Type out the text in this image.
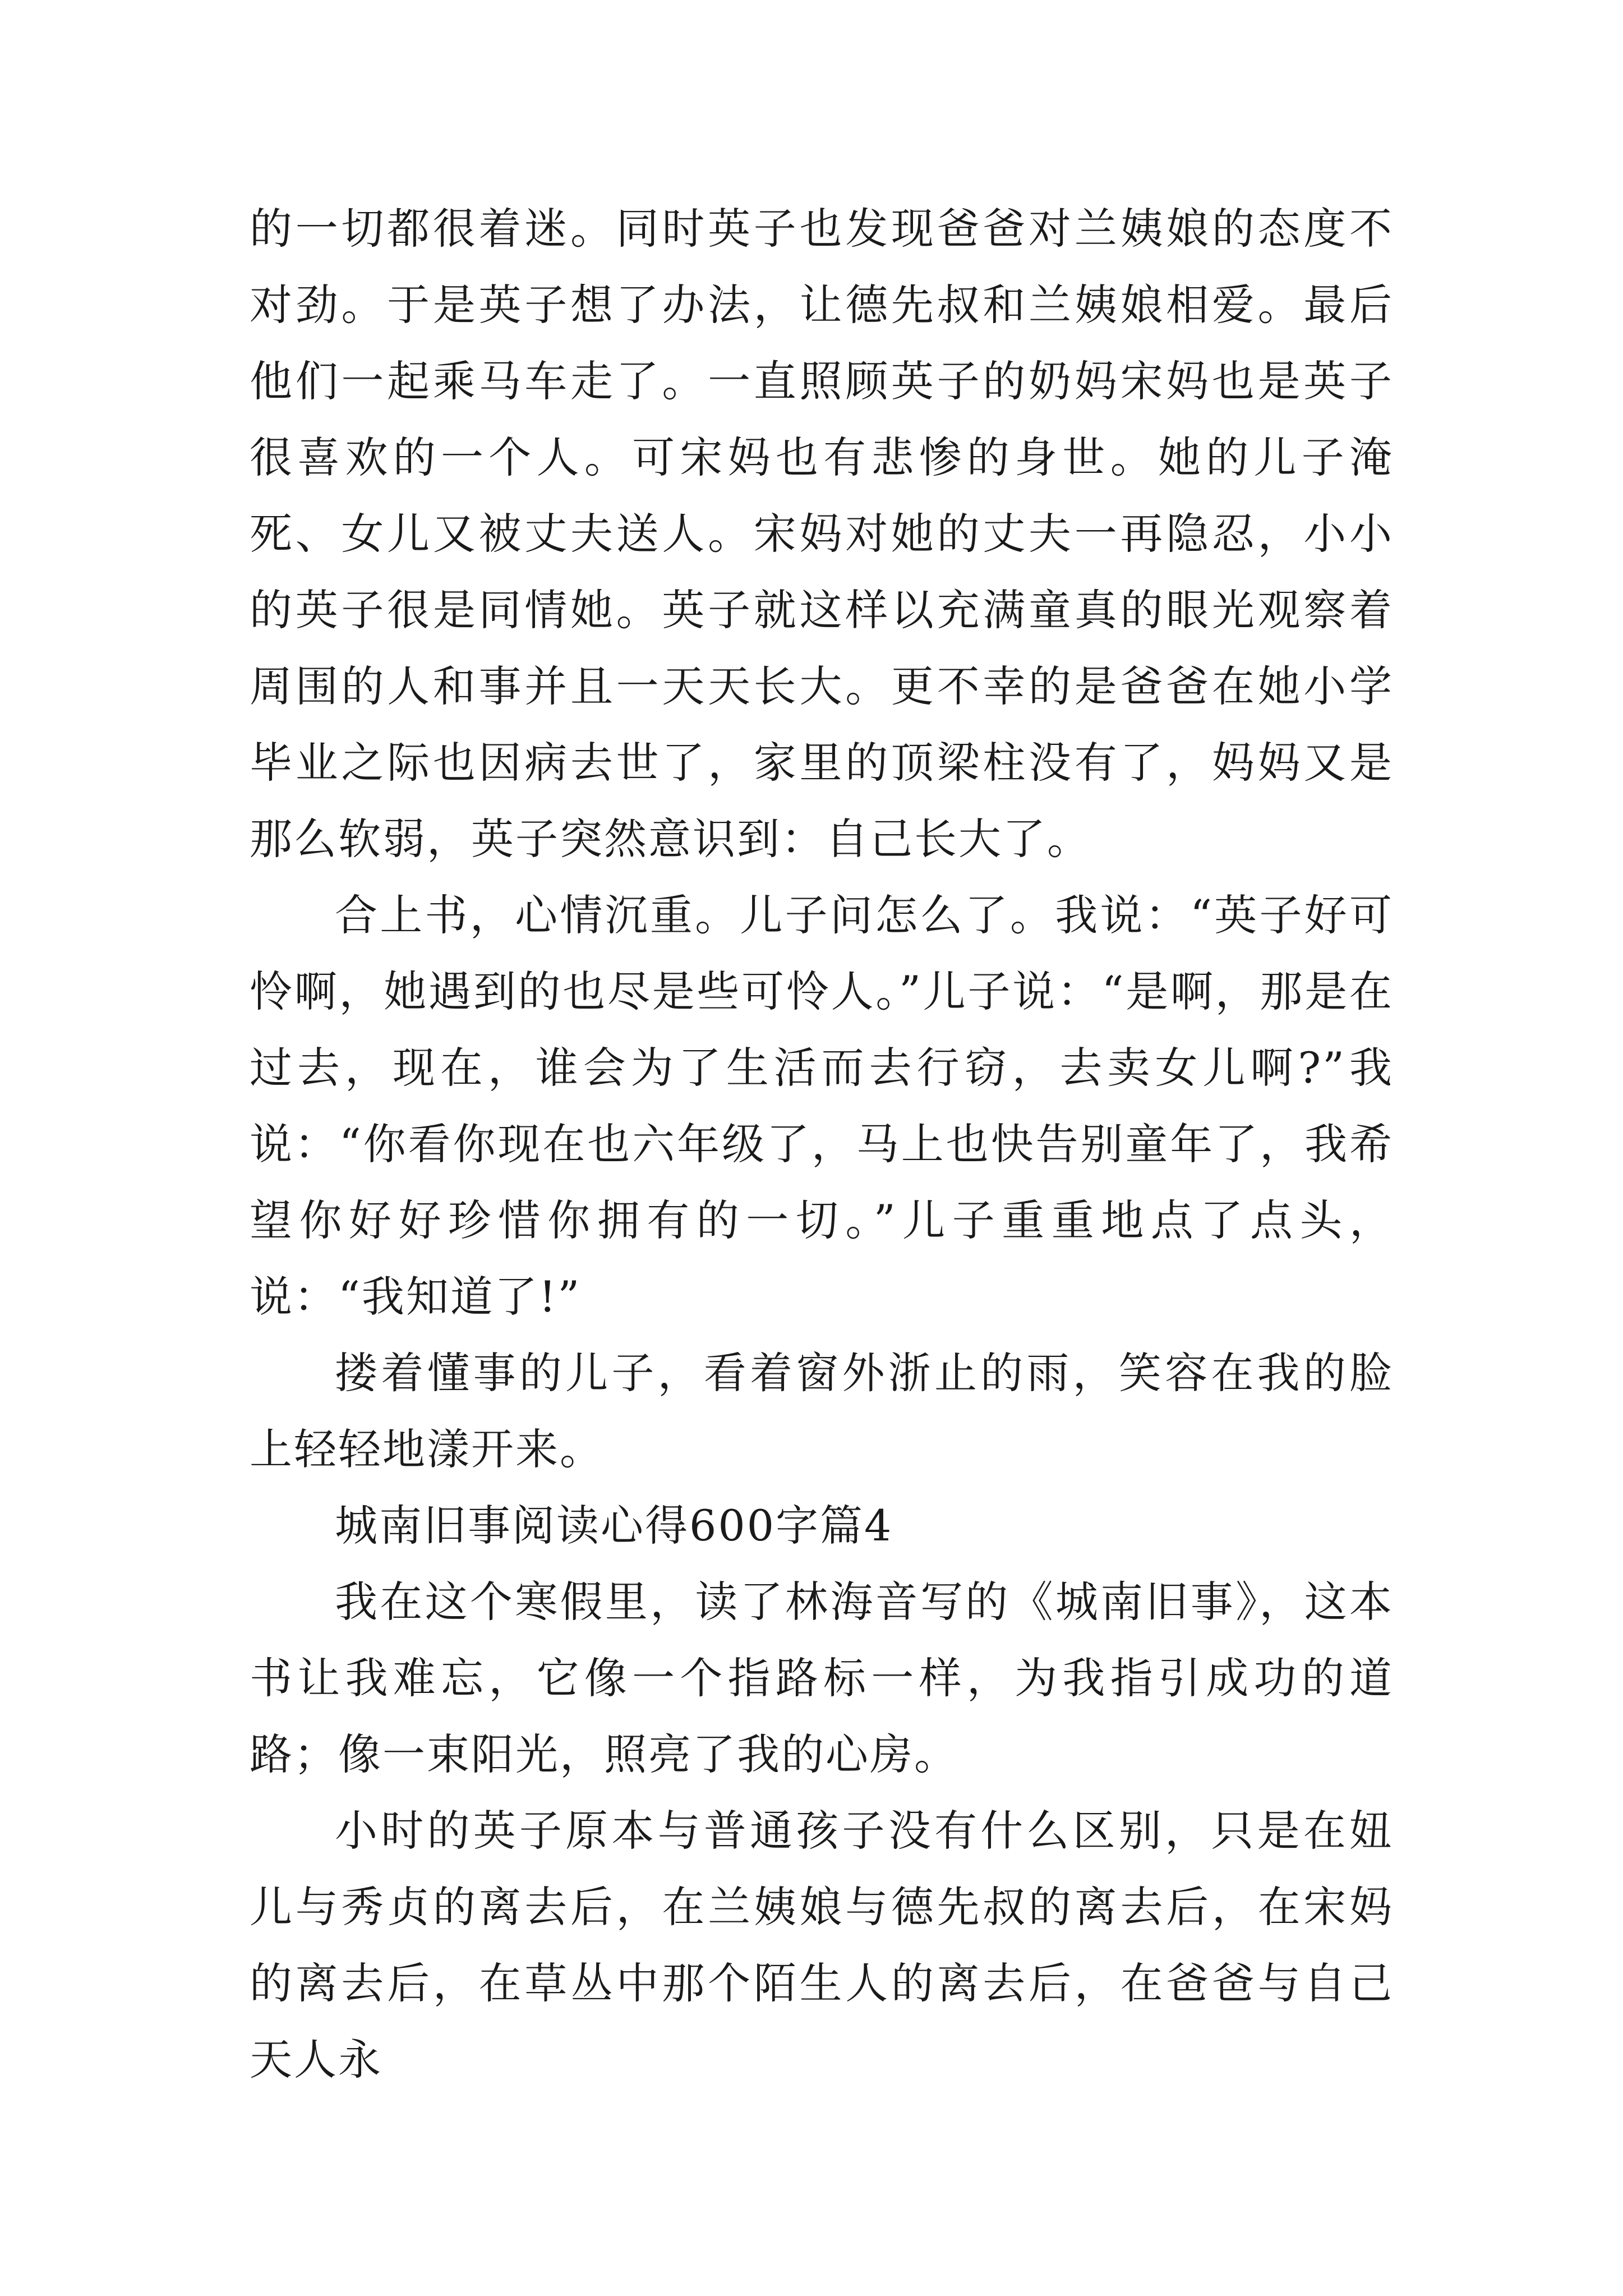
的一切都很着迷。同时英子也发现爸爸对兰姨娘的态度不对劲。于是英子想了办法，让德先叔和兰姨娘相爱。最后他们一起乘马车走了。一直照顾英子的奶妈宋妈也是英子很喜欢的一个人。可宋妈也有悲惨的身世。她的儿子淹死、女儿又被丈夫送人。宋妈对她的丈夫一再隐忍，小小的英子很是同情她。英子就这样以充满童真的眼光观察着周围的人和事并且一天天长大。更不幸的是爸爸在她小学毕业之际也因病去世了，家里的顶梁柱没有了，妈妈又是那么软弱，英子突然意识到：自己长大了。

合上书，心情沉重。儿子问怎么了。我说：“英子好可怜啊，她遇到的也尽是些可怜人。”儿子说：“是啊，那是在过去，现在，谁会为了生活而去行窃，去卖女儿啊?”我说：“你看你现在也六年级了，马上也快告别童年了，我希望你好好珍惜你拥有的一切。”儿子重重地点了点头，说：“我知道了!”

搂着懂事的儿子，看着窗外浙止的雨，笑容在我的脸上轻轻地漾开来。

城南旧事阅读心得600字篇4

我在这个寒假里，读了林海音写的《城南旧事》，这本书让我难忘，它像一个指路标一样，为我指引成功的道路；像一束阳光，照亮了我的心房。

小时的英子原本与普通孩子没有什么区别，只是在妞儿与秀贞的离去后，在兰姨娘与德先叔的离去后，在宋妈的离去后，在草丛中那个陌生人的离去后，在爸爸与自己天人永
